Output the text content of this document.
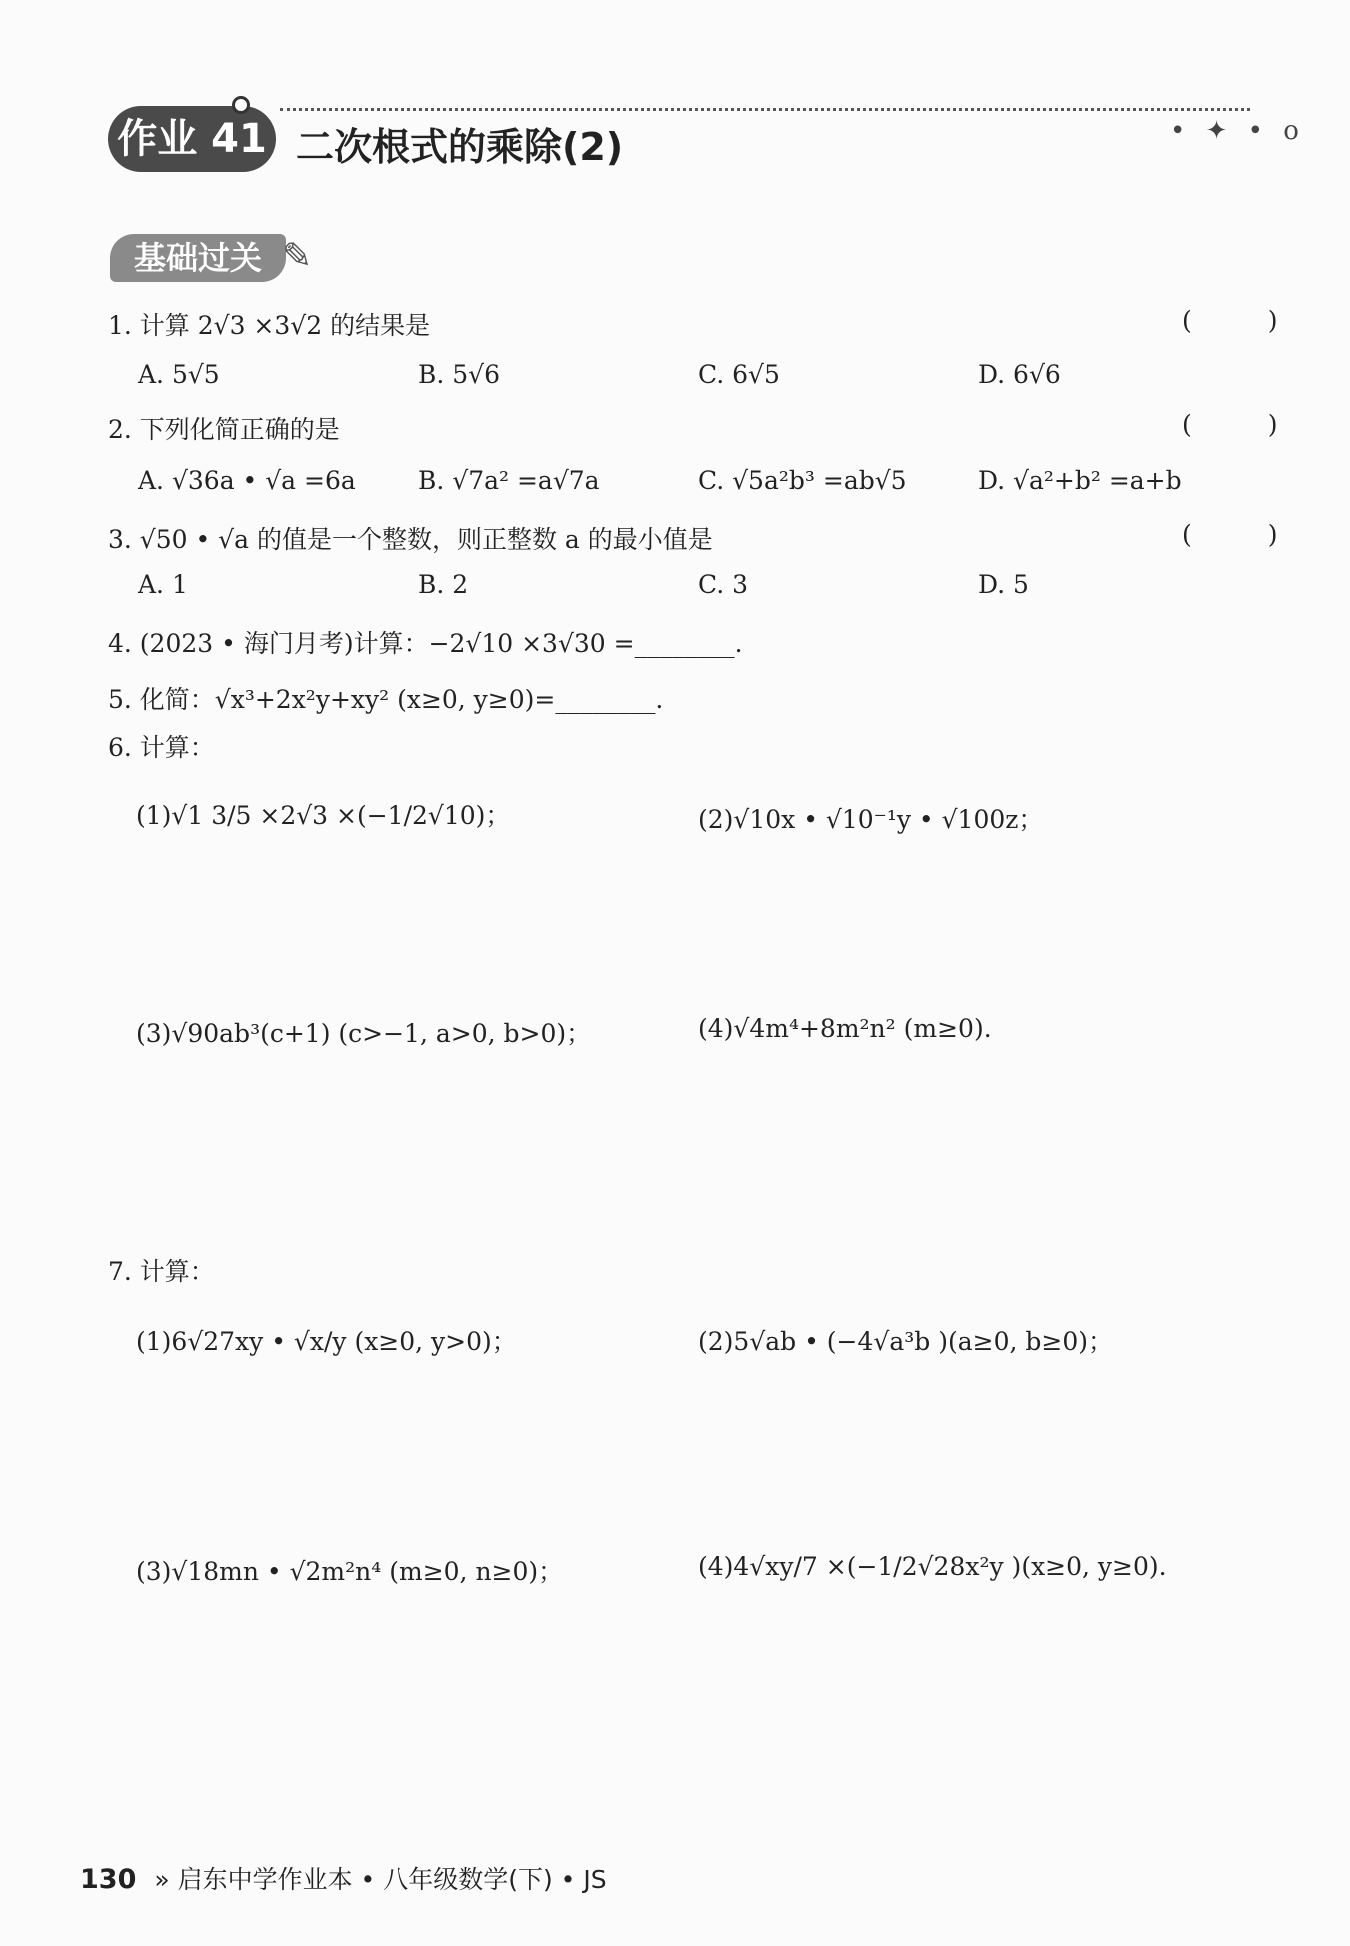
作业 41 二次根式的乘除(2)	• ✦ • o
基础过关 ✎
1. 计算 2√3 ×3√2 的结果是	( )
A. 5√5	B. 5√6	C. 6√5	D. 6√6
2. 下列化简正确的是	( )
A. √36a • √a =6a B. √7a² =a√7a	C. √5a²b³ =ab√5	D. √a²+b² =a+b
3. √50 • √a 的值是一个整数，则正整数 a 的最小值是	( )
A. 1	B. 2	C. 3	D. 5
4. (2023 • 海门月考)计算：−2√10 ×3√30 =________.
5. 化简：√x³+2x²y+xy² (x≥0, y≥0)=________.
6. 计算：
(1)√1 3/5 ×2√3 ×(−1/2√10)；	(2)√10x • √10⁻¹y • √100z；
(3)√90ab³(c+1) (c>−1, a>0, b>0)；	(4)√4m⁴+8m²n² (m≥0).
7. 计算：
(1)6√27xy • √x/y (x≥0, y>0)；	(2)5√ab • (−4√a³b )(a≥0, b≥0)；
(3)√18mn • √2m²n⁴ (m≥0, n≥0)；	(4)4√xy/7 ×(−1/2√28x²y )(x≥0, y≥0).
130 » 启东中学作业本 • 八年级数学(下) • JS
